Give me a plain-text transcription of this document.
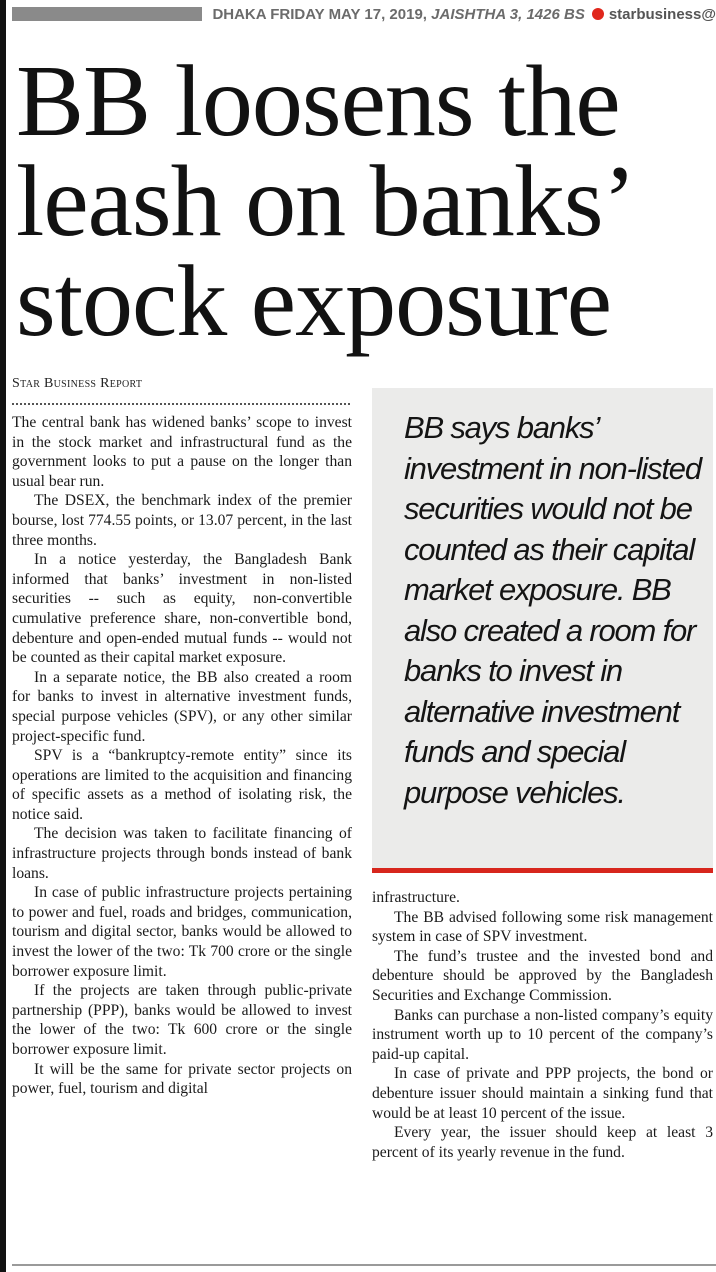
DHAKA FRIDAY MAY 17, 2019, JAISHTHA 3, 1426 BS starbusiness@
BB loosens the
leash on banks’
stock exposure
Star Business Report

The central bank has widened banks’ scope to invest in the stock market and infrastructural fund as the government looks to put a pause on the longer than usual bear run.

The DSEX, the benchmark index of the premier bourse, lost 774.55 points, or 13.07 percent, in the last three months.

In a notice yesterday, the Bangladesh Bank informed that banks’ investment in non-listed securities -- such as equity, non-convertible cumulative preference share, non-convertible bond, debenture and open-ended mutual funds -- would not be counted as their capital market exposure.

In a separate notice, the BB also created a room for banks to invest in alternative investment funds, special purpose vehicles (SPV), or any other similar project-specific fund.

SPV is a “bankruptcy-remote entity” since its operations are limited to the acquisition and financing of specific assets as a method of isolating risk, the notice said.

The decision was taken to facilitate financing of infrastructure projects through bonds instead of bank loans.

In case of public infrastructure projects pertaining to power and fuel, roads and bridges, communication, tourism and digital sector, banks would be allowed to invest the lower of the two: Tk 700 crore or the single borrower exposure limit.

If the projects are taken through public-private partnership (PPP), banks would be allowed to invest the lower of the two: Tk 600 crore or the single borrower exposure limit.

It will be the same for private sector projects on power, fuel, tourism and digital

BB says banks’ investment in non-listed securities would not be counted as their capital market exposure. BB also created a room for banks to invest in alternative investment funds and special purpose vehicles.

infrastructure.

The BB advised following some risk management system in case of SPV investment.

The fund’s trustee and the invested bond and debenture should be approved by the Bangladesh Securities and Exchange Commission.

Banks can purchase a non-listed company’s equity instrument worth up to 10 percent of the company’s paid-up capital.

In case of private and PPP projects, the bond or debenture issuer should maintain a sinking fund that would be at least 10 percent of the issue.

Every year, the issuer should keep at least 3 percent of its yearly revenue in the fund.
